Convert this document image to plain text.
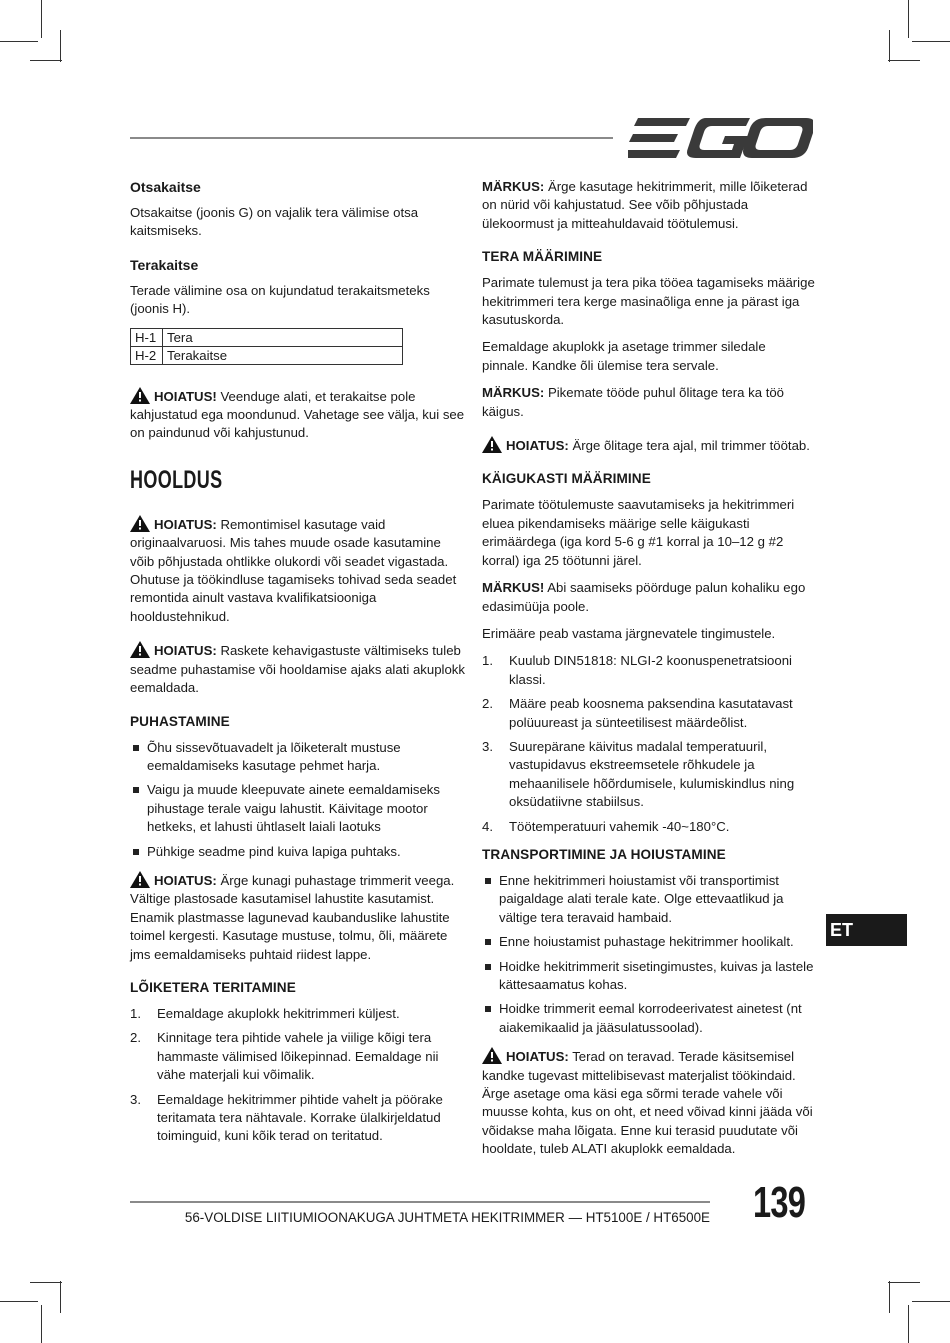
Otsakaitse

Otsakaitse (joonis G) on vajalik tera välimise otsa kaitsmiseks.

Terakaitse

Terade välimine osa on kujundatud terakaitsmeteks (joonis H).

H-1	Tera
H-2	Terakaitse

HOIATUS! Veenduge alati, et terakaitse pole kahjustatud ega moondunud. Vahetage see välja, kui see on paindunud või kahjustunud.

HOOLDUS

HOIATUS: Remontimisel kasutage vaid originaalvaruosi. Mis tahes muude osade kasutamine võib põhjustada ohtlikke olukordi või seadet vigastada. Ohutuse ja töökindluse tagamiseks tohivad seda seadet remontida ainult vastava kvalifikatsiooniga hooldustehnikud.

HOIATUS: Raskete kehavigastuste vältimiseks tuleb seadme puhastamise või hooldamise ajaks alati akuplokk eemaldada.

PUHASTAMINE
Õhu sissevõtuavadelt ja lõiketeralt mustuse eemaldamiseks kasutage pehmet harja.
Vaigu ja muude kleepuvate ainete eemaldamiseks pihustage terale vaigu lahustit. Käivitage mootor hetkeks, et lahusti ühtlaselt laiali laotuks
Pühkige seadme pind kuiva lapiga puhtaks.

HOIATUS: Ärge kunagi puhastage trimmerit veega. Vältige plastosade kasutamisel lahustite kasutamist. Enamik plastmasse lagunevad kaubanduslike lahustite toimel kergesti. Kasutage mustuse, tolmu, õli, määrete jms eemaldamiseks puhtaid riidest lappe.

LÕIKETERA TERITAMINE
1. Eemaldage akuplokk hekitrimmeri küljest.
2. Kinnitage tera pihtide vahele ja viilige kõigi tera hammaste välimised lõikepinnad. Eemaldage nii vähe materjali kui võimalik.
3. Eemaldage hekitrimmer pihtide vahelt ja pöörake teritamata tera nähtavale. Korrake ülalkirjeldatud toiminguid, kuni kõik terad on teritatud.

MÄRKUS: Ärge kasutage hekitrimmerit, mille lõiketerad on nürid või kahjustatud. See võib põhjustada ülekoormust ja mitteahuldavaid töötulemusi.

TERA MÄÄRIMINE

Parimate tulemust ja tera pika tööea tagamiseks määrige hekitrimmeri tera kerge masinaõliga enne ja pärast iga kasutuskorda.

Eemaldage akuplokk ja asetage trimmer siledale pinnale. Kandke õli ülemise tera servale.

MÄRKUS: Pikemate tööde puhul õlitage tera ka töö käigus.

HOIATUS: Ärge õlitage tera ajal, mil trimmer töötab.

KÄIGUKASTI MÄÄRIMINE

Parimate töötulemuste saavutamiseks ja hekitrimmeri eluea pikendamiseks määrige selle käigukasti erimäärdega (iga kord 5-6 g #1 korral ja 10–12 g #2 korral) iga 25 töötunni järel.

MÄRKUS! Abi saamiseks pöörduge palun kohaliku ego edasimüüja poole.

Erimääre peab vastama järgnevatele tingimustele.

1. Kuulub DIN51818: NLGI-2 koonuspenetratsiooni klassi.
2. Määre peab koosnema paksendina kasutatavast polüuureast ja sünteetilisest määrdeõlist.
3. Suurepärane käivitus madalal temperatuuril, vastupidavus ekstreemsetele rõhkudele ja mehaanilisele hõõrdumisele, kulumiskindlus ning oksüdatiivne stabiilsus.
4. Töötemperatuuri vahemik -40~180°C.
TRANSPORTIMINE JA HOIUSTAMINE
Enne hekitrimmeri hoiustamist või transportimist paigaldage alati terale kate. Olge ettevaatlikud ja vältige tera teravaid hambaid.
Enne hoiustamist puhastage hekitrimmer hoolikalt.
Hoidke hekitrimmerit sisetingimustes, kuivas ja lastele kättesaamatus kohas.
Hoidke trimmerit eemal korrodeerivatest ainetest (nt aiakemikaalid ja jääsulatussoolad).

HOIATUS: Terad on teravad. Terade käsitsemisel kandke tugevast mittelibisevast materjalist töökindaid. Ärge asetage oma käsi ega sõrmi terade vahele või muusse kohta, kus on oht, et need võivad kinni jääda või võidakse maha lõigata. Enne kui terasid puudutate või hooldate, tuleb ALATI akuplokk eemaldada.

ET
56-VOLDISE LIITIUMIOONAKUGA JUHTMETA HEKITRIMMER — HT5100E / HT6500E 139
